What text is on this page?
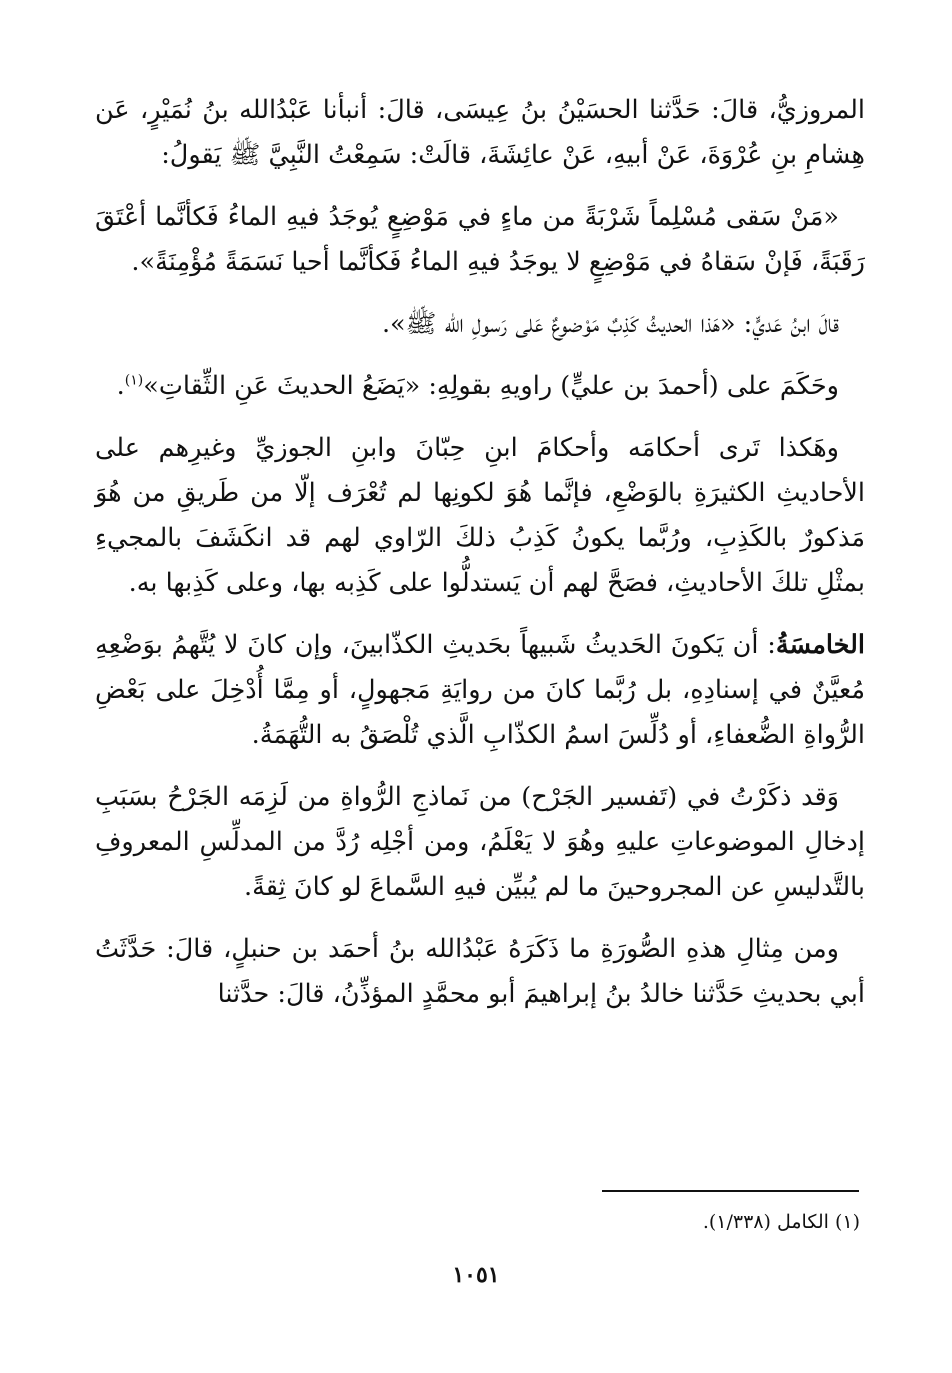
المروزيُّ، قالَ: حَدَّثنا الحسَيْنُ بنُ عِيسَى، قالَ: أنبأنا عَبْدُالله بنُ نُمَيْرٍ، عَن هِشامِ بنِ عُرْوَةَ، عَنْ أبيهِ، عَنْ عائِشَةَ، قالَتْ: سَمِعْتُ النَّبِيَّ ﷺ يَقولُ:

«مَنْ سَقى مُسْلِماً شَرْبَةً من ماءٍ في مَوْضِعٍ يُوجَدُ فيهِ الماءُ فَكأنَّما أعْتَقَ رَقَبَةً، فَإنْ سَقاهُ في مَوْضِعٍ لا يوجَدُ فيهِ الماءُ فَكأنَّما أحيا نَسَمَةً مُؤْمِنَةً».

قالَ ابنُ عَديٍّ: «هَذا الحديثُ كَذِبٌ مَوْضوعٌ عَلى رَسولِ الله ﷺ».

وحَكَمَ على (أحمدَ بن عليٍّ) راويهِ بقولِهِ: «يَضَعُ الحديثَ عَنِ الثِّقاتِ»$^{(١)}$.

وهَكذا تَرى أحكامَه وأحكامَ ابنِ حِبّانَ وابنِ الجوزيِّ وغيرِهم على الأحاديثِ الكثيرَةِ بالوَضْعِ، فإنَّما هُوَ لكونِها لم تُعْرَف إلّا من طَريقِ من هُوَ مَذكورٌ بالكَذِبِ، ورُبَّما يكونُ كَذِبُ ذلكَ الرّاوي لهم قد انكَشَفَ بالمجيءِ بمثْلِ تلكَ الأحاديثِ، فصَحَّ لهم أن يَستدلُّوا على كَذِبه بها، وعلى كَذِبها به.

الخامسَةُ: أن يَكونَ الحَديثُ شَبيهاً بحَديثِ الكذّابينَ، وإن كانَ لا يُتَّهمُ بوَضْعِهِ مُعيَّنٌ في إسنادِهِ، بل رُبَّما كانَ من روايَةِ مَجهولٍ، أو مِمَّا أُدْخِلَ على بَعْضِ الرُّواةِ الضُّعفاءِ، أو دُلِّسَ اسمُ الكذّابِ الَّذي تُلْصَقُ به التُّهَمَةُ.

وَقد ذكَرْتُ في (تَفسير الجَرْح) من نَماذجِ الرُّواةِ من لَزِمَه الجَرْحُ بسَبَبِ إدخالِ الموضوعاتِ عليهِ وهُوَ لا يَعْلَمُ، ومن أجْلِه رُدَّ من المدلِّسِ المعروفِ بالتَّدليسِ عن المجروحينَ ما لم يُبيِّن فيهِ السَّماعَ لو كانَ ثِقةً.

ومن مِثالِ هذهِ الصُّورَةِ ما ذَكَرَهُ عَبْدُالله بنُ أحمَد بن حنبلٍ، قالَ: حَدَّثَتُ أبي بحديثِ حَدَّثنا خالدُ بنُ إبراهيمَ أبو محمَّدٍ المؤذِّنُ، قالَ: حدَّثنا

(١) الكامل (١/٣٣٨).
١٠٥١
